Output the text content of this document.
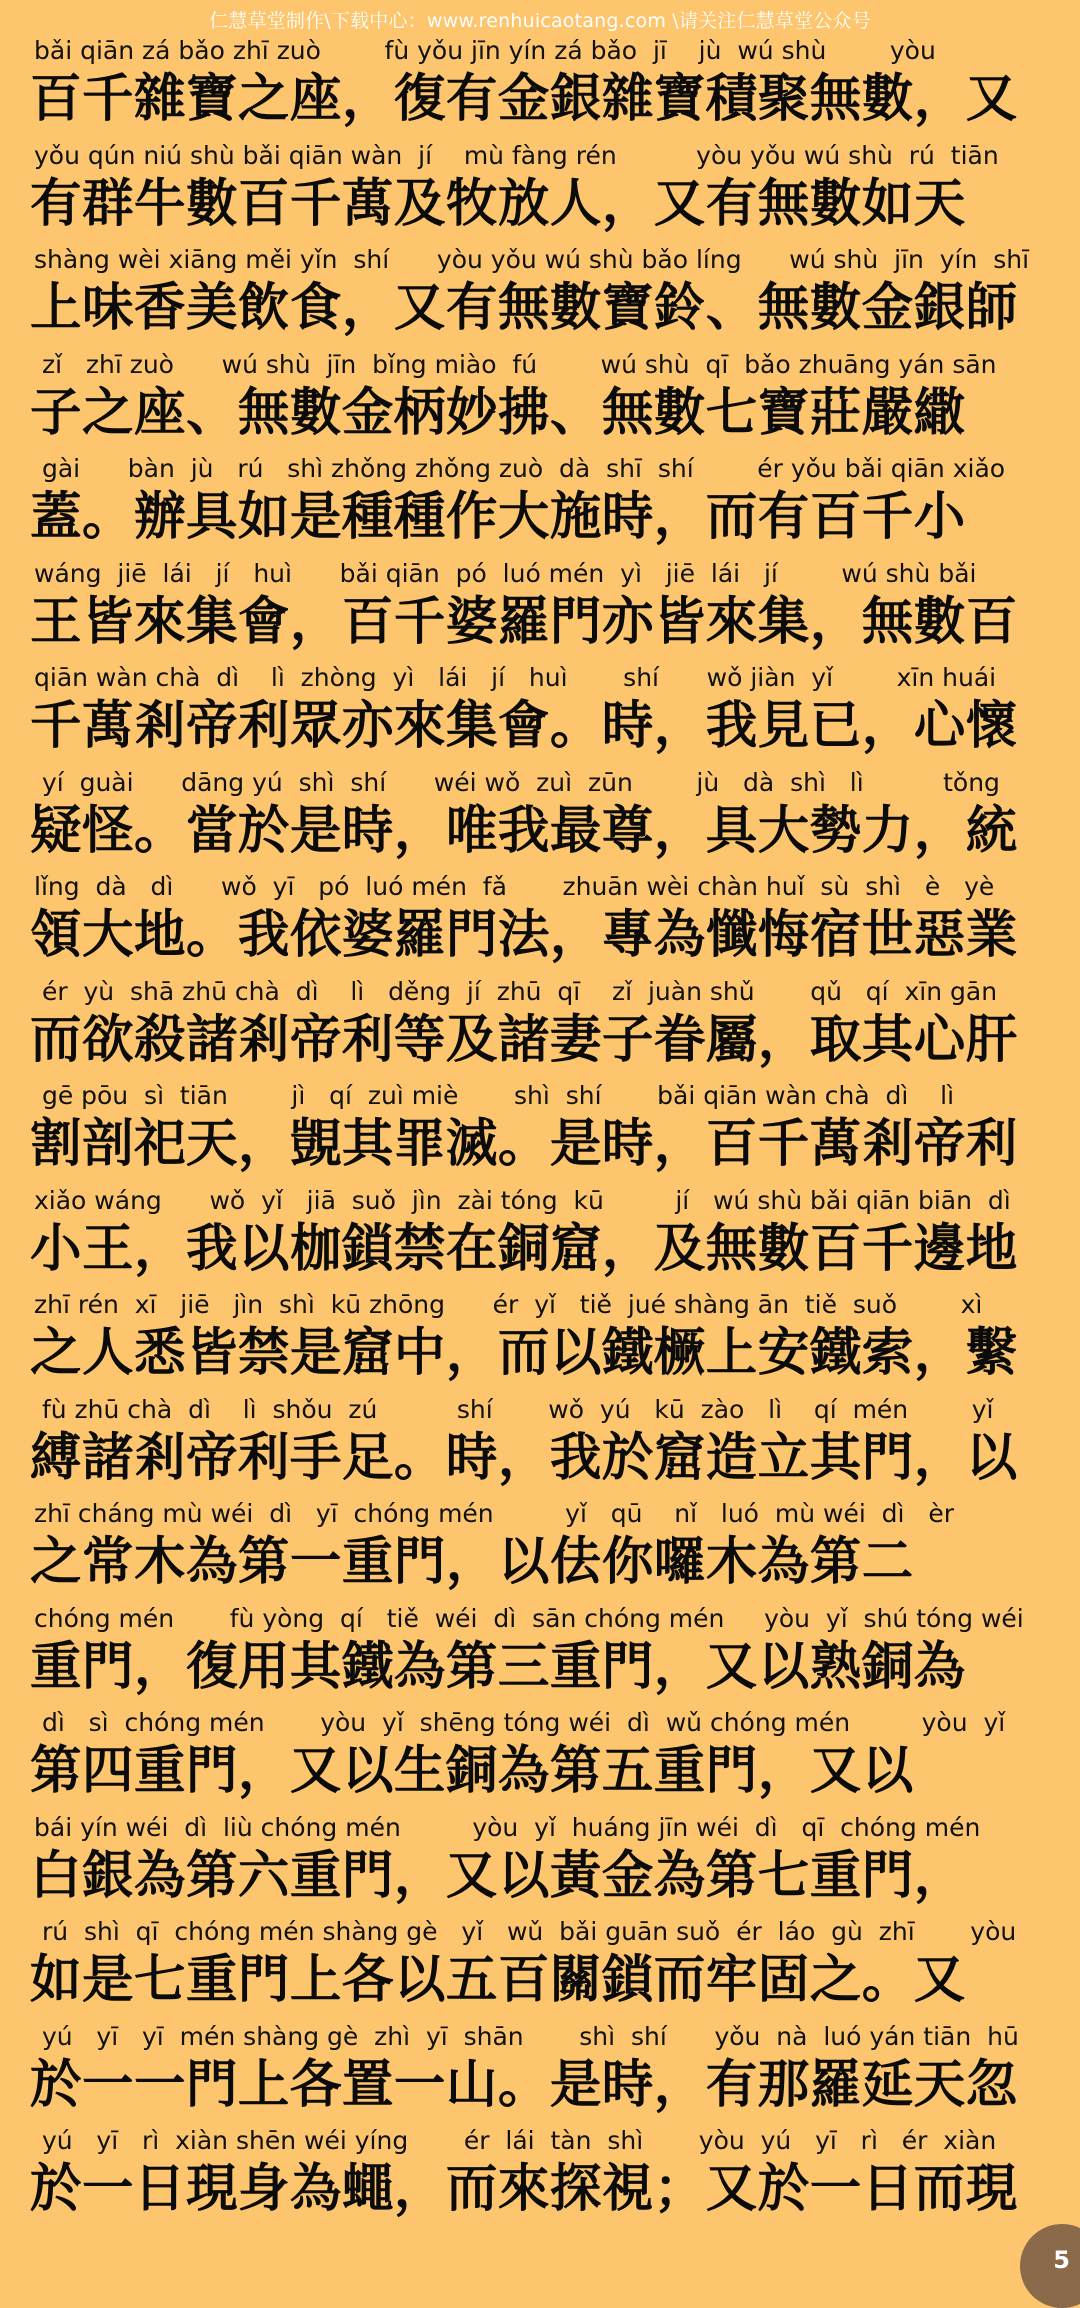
仁慧草堂制作\下载中心：www.renhuicaotang.com \请关注仁慧草堂公众号
bǎi qiān zá bǎo zhī zuò        fù yǒu jīn yín zá bǎo  jī    jù  wú shù        yòu
百千雜寶之座，復有金銀雜寶積聚無數，又
yǒu qún niú shù bǎi qiān wàn  jí    mù fàng rén          yòu yǒu wú shù  rú  tiān
有群牛數百千萬及牧放人，又有無數如天
shàng wèi xiāng měi yǐn  shí      yòu yǒu wú shù bǎo líng      wú shù  jīn  yín  shī
上味香美飲食，又有無數寶鈴、無數金銀師
zǐ   zhī zuò      wú shù  jīn  bǐng miào  fú        wú shù  qī  bǎo zhuāng yán sān
子之座、無數金柄妙拂、無數七寶莊嚴繖
gài      bàn  jù   rú   shì zhǒng zhǒng zuò  dà  shī  shí        ér yǒu bǎi qiān xiǎo
蓋。辦具如是種種作大施時，而有百千小
wáng  jiē  lái   jí   huì      bǎi qiān  pó  luó mén  yì   jiē  lái   jí        wú shù bǎi
王皆來集會，百千婆羅門亦皆來集，無數百
qiān wàn chà  dì    lì  zhòng  yì   lái   jí   huì       shí      wǒ jiàn  yǐ        xīn huái
千萬剎帝利眾亦來集會。時，我見已，心懷
yí  guài      dāng yú  shì  shí      wéi wǒ  zuì  zūn        jù   dà  shì   lì          tǒng
疑怪。當於是時，唯我最尊，具大勢力，統
lǐng  dà   dì      wǒ  yī   pó  luó mén  fǎ       zhuān wèi chàn huǐ  sù  shì   è   yè
領大地。我依婆羅門法，專為懺悔宿世惡業
ér  yù  shā zhū chà  dì    lì   děng  jí  zhū  qī    zǐ  juàn shǔ       qǔ   qí  xīn gān
而欲殺諸剎帝利等及諸妻子眷屬，取其心肝
gē pōu  sì  tiān        jì   qí  zuì miè       shì  shí       bǎi qiān wàn chà  dì    lì
割剖祀天，覬其罪滅。是時，百千萬剎帝利
xiǎo wáng      wǒ  yǐ   jiā  suǒ  jìn  zài tóng  kū         jí   wú shù bǎi qiān biān  dì
小王，我以枷鎖禁在銅窟，及無數百千邊地
zhī rén  xī   jiē   jìn  shì  kū zhōng      ér  yǐ   tiě  jué shàng ān  tiě  suǒ        xì
之人悉皆禁是窟中，而以鐵橛上安鐵索，繫
fù zhū chà  dì    lì  shǒu  zú          shí       wǒ  yú   kū  zào   lì    qí  mén        yǐ
縛諸剎帝利手足。時，我於窟造立其門，以
zhī cháng mù wéi  dì   yī  chóng mén         yǐ   qū    nǐ   luó  mù wéi  dì   èr
之常木為第一重門，以佉你囉木為第二
chóng mén       fù yòng  qí   tiě  wéi  dì  sān chóng mén     yòu  yǐ  shú tóng wéi
重門，復用其鐵為第三重門，又以熟銅為
dì   sì  chóng mén       yòu  yǐ  shēng tóng wéi  dì  wǔ chóng mén         yòu  yǐ
第四重門，又以生銅為第五重門，又以
bái yín wéi  dì  liù chóng mén         yòu  yǐ  huáng jīn wéi  dì   qī  chóng mén
白銀為第六重門，又以黃金為第七重門，
rú  shì  qī  chóng mén shàng gè   yǐ   wǔ  bǎi guān suǒ  ér  láo  gù  zhī       yòu
如是七重門上各以五百關鎖而牢固之。又
yú   yī   yī  mén shàng gè  zhì  yī  shān       shì  shí      yǒu  nà  luó yán tiān  hū
於一一門上各置一山。是時，有那羅延天忽
yú   yī   rì  xiàn shēn wéi yíng       ér  lái  tàn  shì       yòu  yú   yī   rì   ér  xiàn
於一日現身為蠅，而來探視；又於一日而現
5
